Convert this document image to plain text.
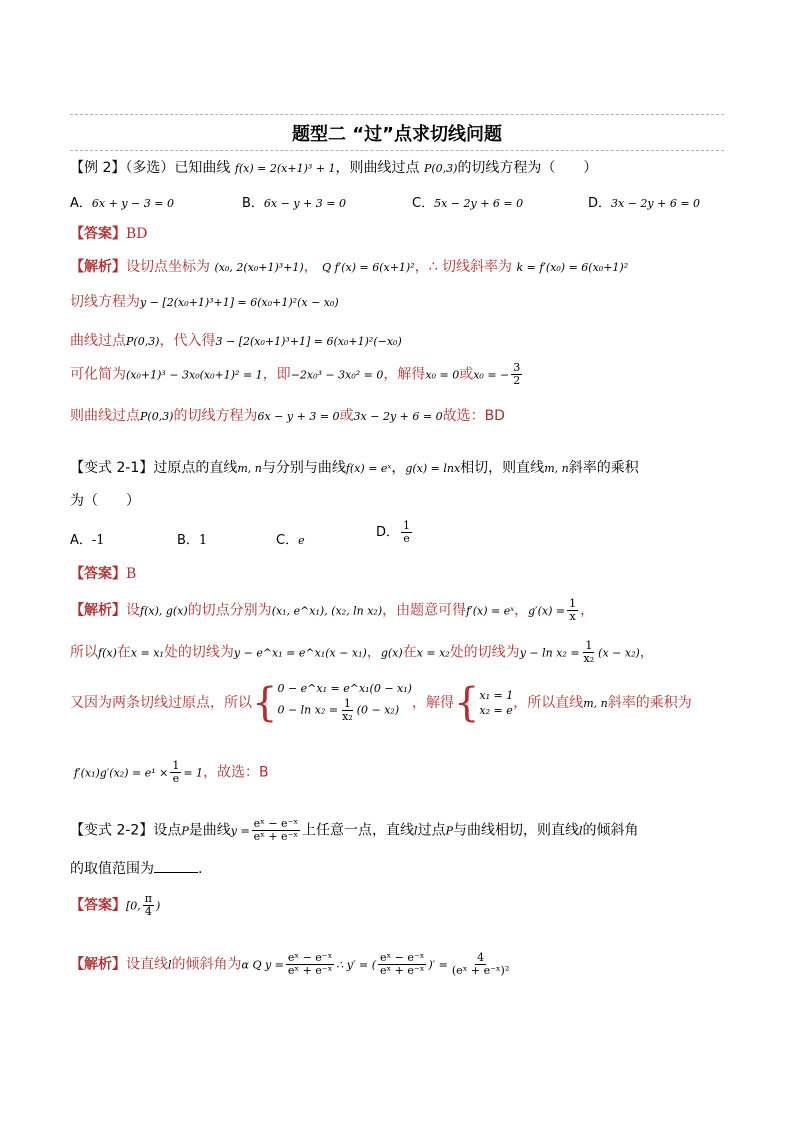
题型二 “过”点求切线问题
【例 2】（多选）已知曲线 f(x) = 2(x+1)³ + 1，则曲线过点 P(0,3)的切线方程为（　　）
A．6x + y − 3 = 0	B．6x − y + 3 = 0	C．5x − 2y + 6 = 0	D．3x − 2y + 6 = 0
【答案】BD
【解析】设切点坐标为 (x₀, 2(x₀+1)³+1)， Q f′(x) = 6(x+1)²，∴ 切线斜率为 k = f′(x₀) = 6(x₀+1)²
切线方程为y − [2(x₀+1)³+1] = 6(x₀+1)²(x − x₀)
曲线过点P(0,3)，代入得3 − [2(x₀+1)³+1] = 6(x₀+1)²(−x₀)
可化简为(x₀+1)³ − 3x₀(x₀+1)² = 1，即−2x₀³ − 3x₀² = 0，解得x₀ = 0或x₀ = − $\frac{3}{2}$
则曲线过点P(0,3)的切线方程为6x − y + 3 = 0或3x − 2y + 6 = 0故选：BD
【变式 2-1】过原点的直线m, n与分别与曲线f(x) = eˣ，g(x) = lnx相切，则直线m, n斜率的乘积
为（　　）
A．-1	B．1	C．e
D． $\frac{1}{e}$
【答案】B
【解析】设f(x), g(x)的切点分别为(x₁, e^x₁), (x₂, ln x₂)，由题意可得f′(x) = eˣ，$g'(x) = \frac{1}{x}$ ，
所以f(x)在x = x₁处的切线为y − e^x₁ = e^x₁(x − x₁)，g(x)在x = x₂处的切线为$y - \ln x_2 = \frac{1}{\text{x₂}} (x - x_2)$，
又因为两条切线过原点，所以{ 0 − e^x₁ = e^x₁(0 − x₁)
$0 - \ln x_2 = \frac{1}{\text{x₂}} (0 - x_2)$ ，解得{ x₁ = 1
x₂ = e ，所以直线m, n斜率的乘积为
$f'(x_1)g'(x_2) = e^1 \times \frac{1}{e} = 1$，故选：B
【变式 2-2】设点P是曲线$y = \frac{\text{eˣ − e⁻ˣ}}{\text{eˣ + e⁻ˣ}}$ 上任意一点，直线l过点P与曲线相切，则直线l的倾斜角
的取值范围为	.
【答案】[0, $\frac{\pi}{4}$ )
【解析】设直线l的倾斜角为α Q $y = \frac{\text{eˣ − e⁻ˣ}}{\text{eˣ + e⁻ˣ}}$ ∴ y′ = ( $\frac{\text{eˣ − e⁻ˣ}}{\text{eˣ + e⁻ˣ}}$ )′ = $\frac{4}{\text{(eˣ + e⁻ˣ)²}}$
